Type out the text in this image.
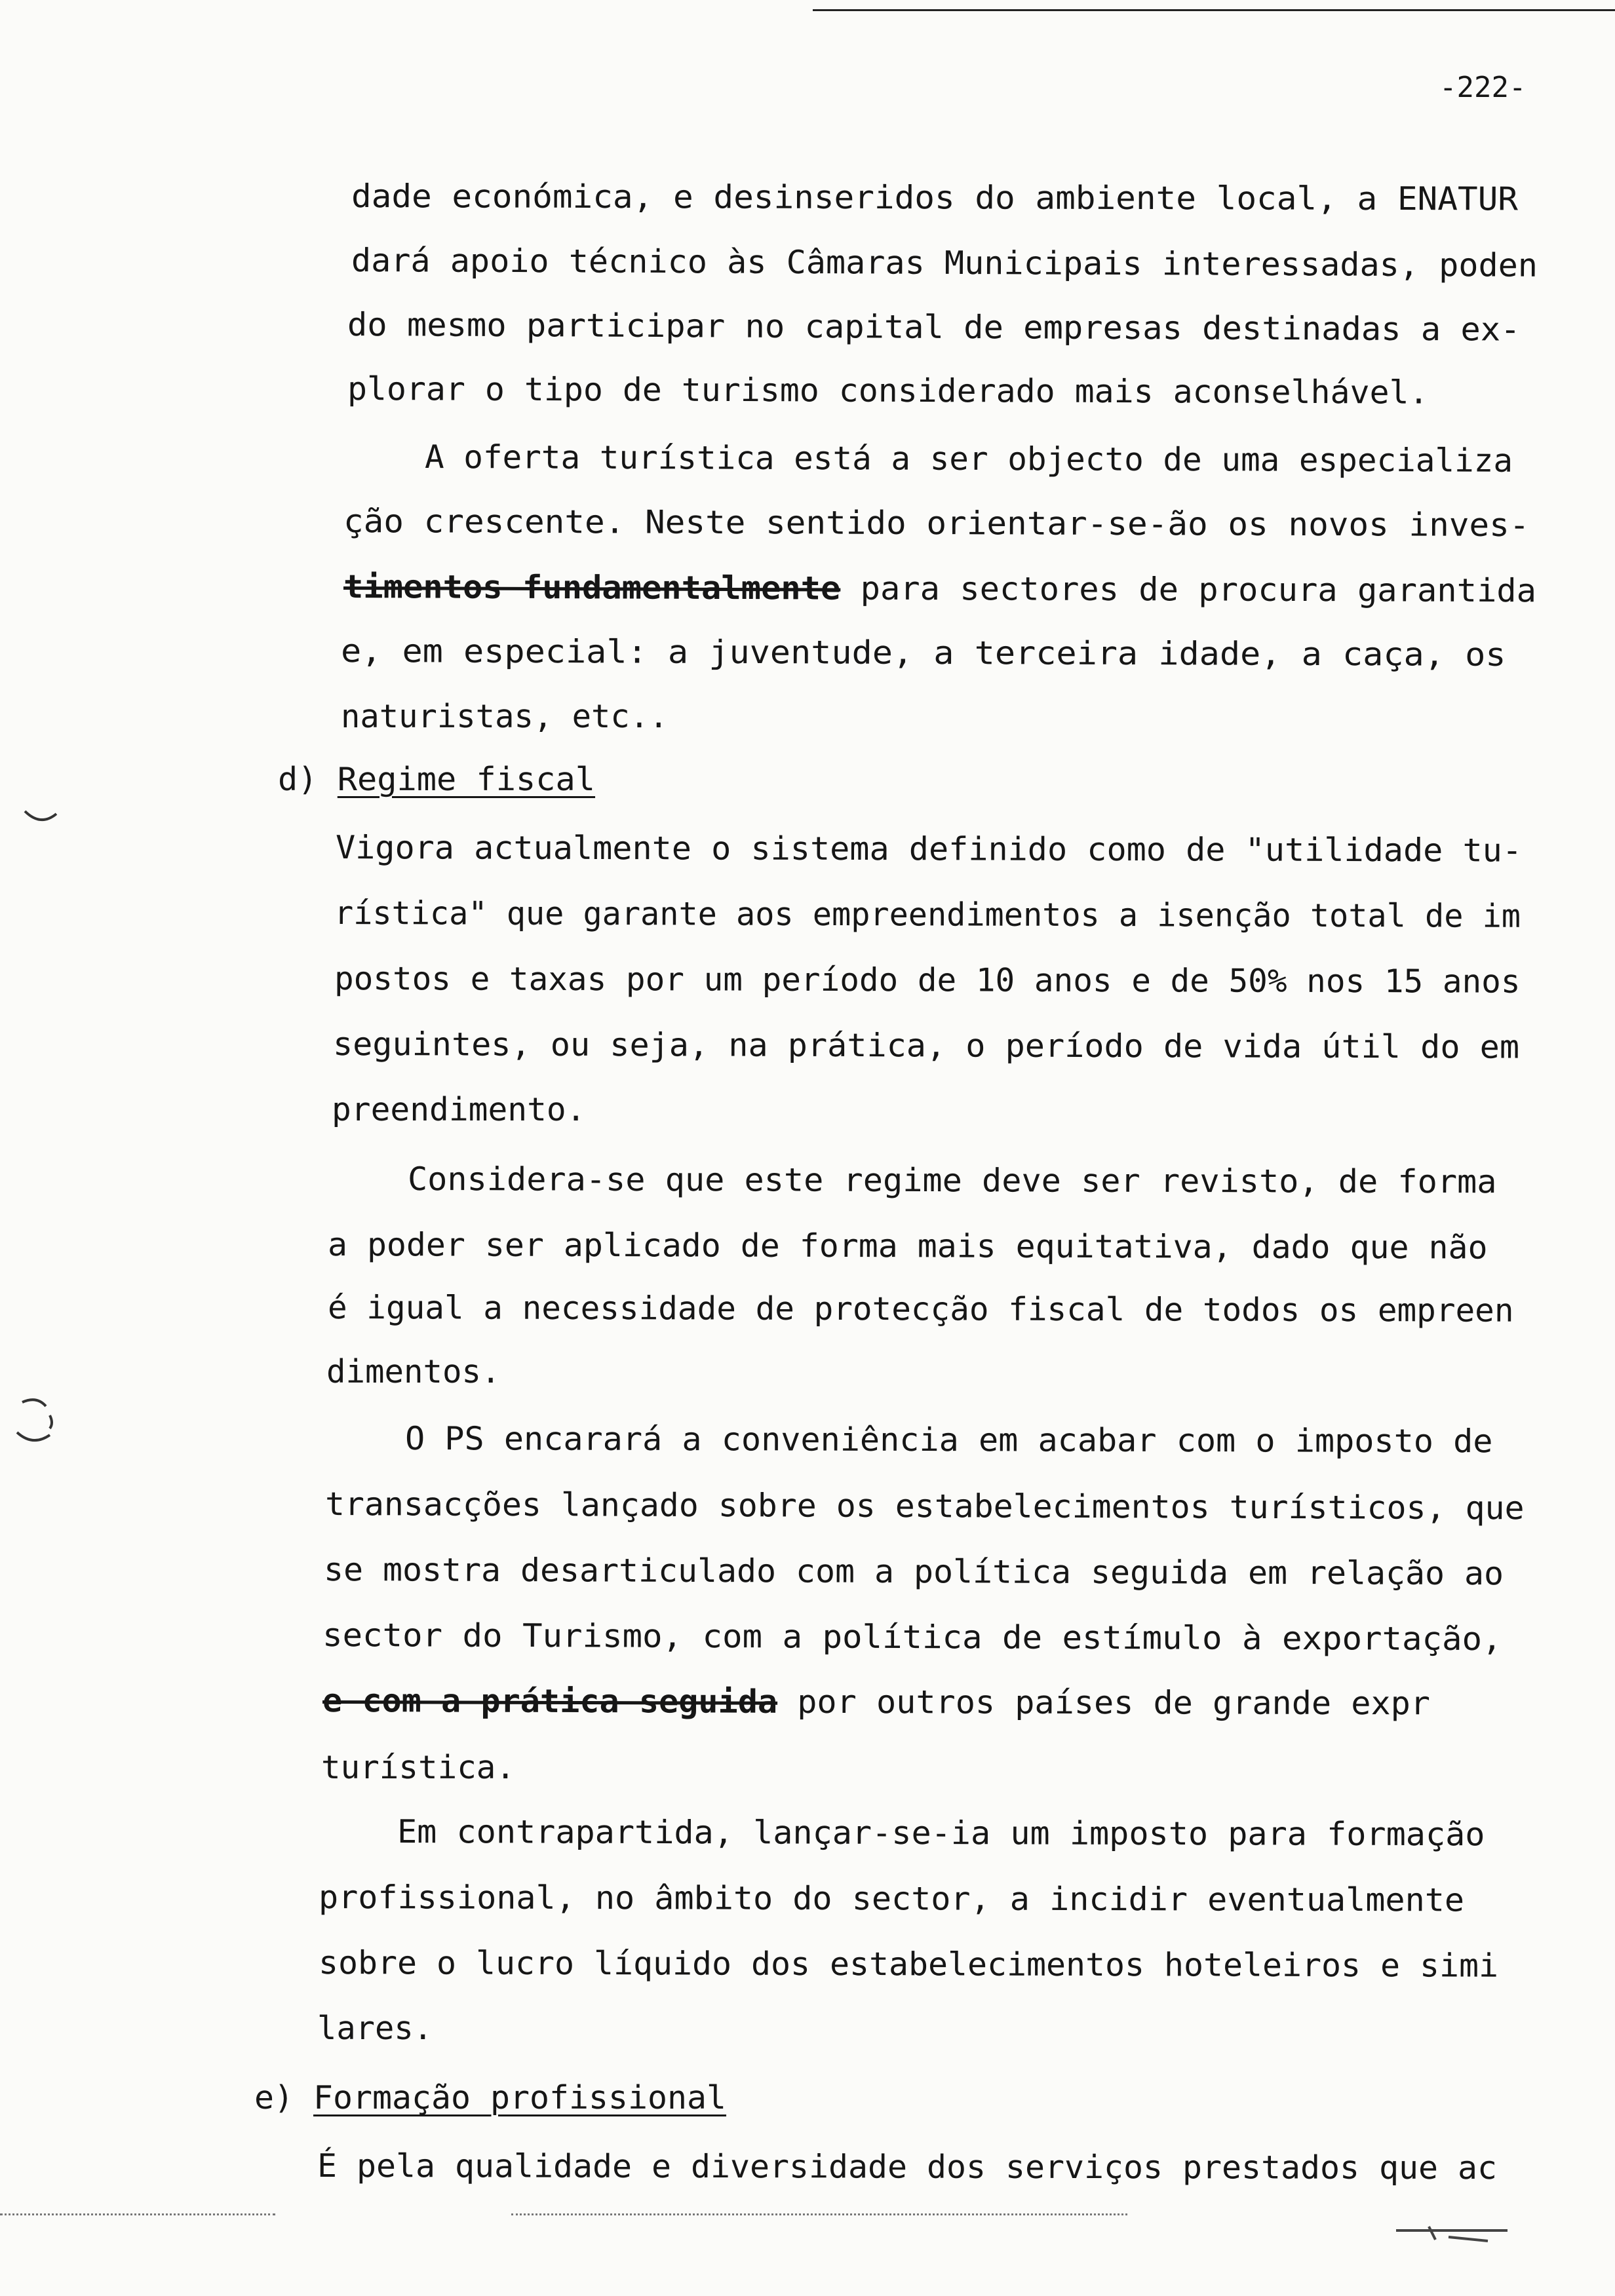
-222-
dade económica, e desinseridos do ambiente local, a ENATUR
dará apoio técnico às Câmaras Municipais interessadas, poden
do mesmo participar no capital de empresas destinadas a ex-
plorar o tipo de turismo considerado mais aconselhável.
A oferta turística está a ser objecto de uma especializa
ção crescente. Neste sentido orientar-se-ão os novos inves-
timentos fundamentalmente para sectores de procura garantida
e, em especial: a juventude, a terceira idade, a caça, os
naturistas, etc..
d) Regime fiscal
Vigora actualmente o sistema definido como de "utilidade tu-
rística" que garante aos empreendimentos a isenção total de im
postos e taxas por um período de 10 anos e de 50% nos 15 anos
seguintes, ou seja, na prática, o período de vida útil do em
preendimento.
Considera-se que este regime deve ser revisto, de forma
a poder ser aplicado de forma mais equitativa, dado que não
é igual a necessidade de protecção fiscal de todos os empreen
dimentos.
O PS encarará a conveniência em acabar com o imposto de
transacções lançado sobre os estabelecimentos turísticos, que
se mostra desarticulado com a política seguida em relação ao
sector do Turismo, com a política de estímulo à exportação,
e com a prática seguida por outros países de grande expr
turística.
Em contrapartida, lançar-se-ia um imposto para formação
profissional, no âmbito do sector, a incidir eventualmente
sobre o lucro líquido dos estabelecimentos hoteleiros e simi
lares.
e) Formação profissional
É pela qualidade e diversidade dos serviços prestados que ac
